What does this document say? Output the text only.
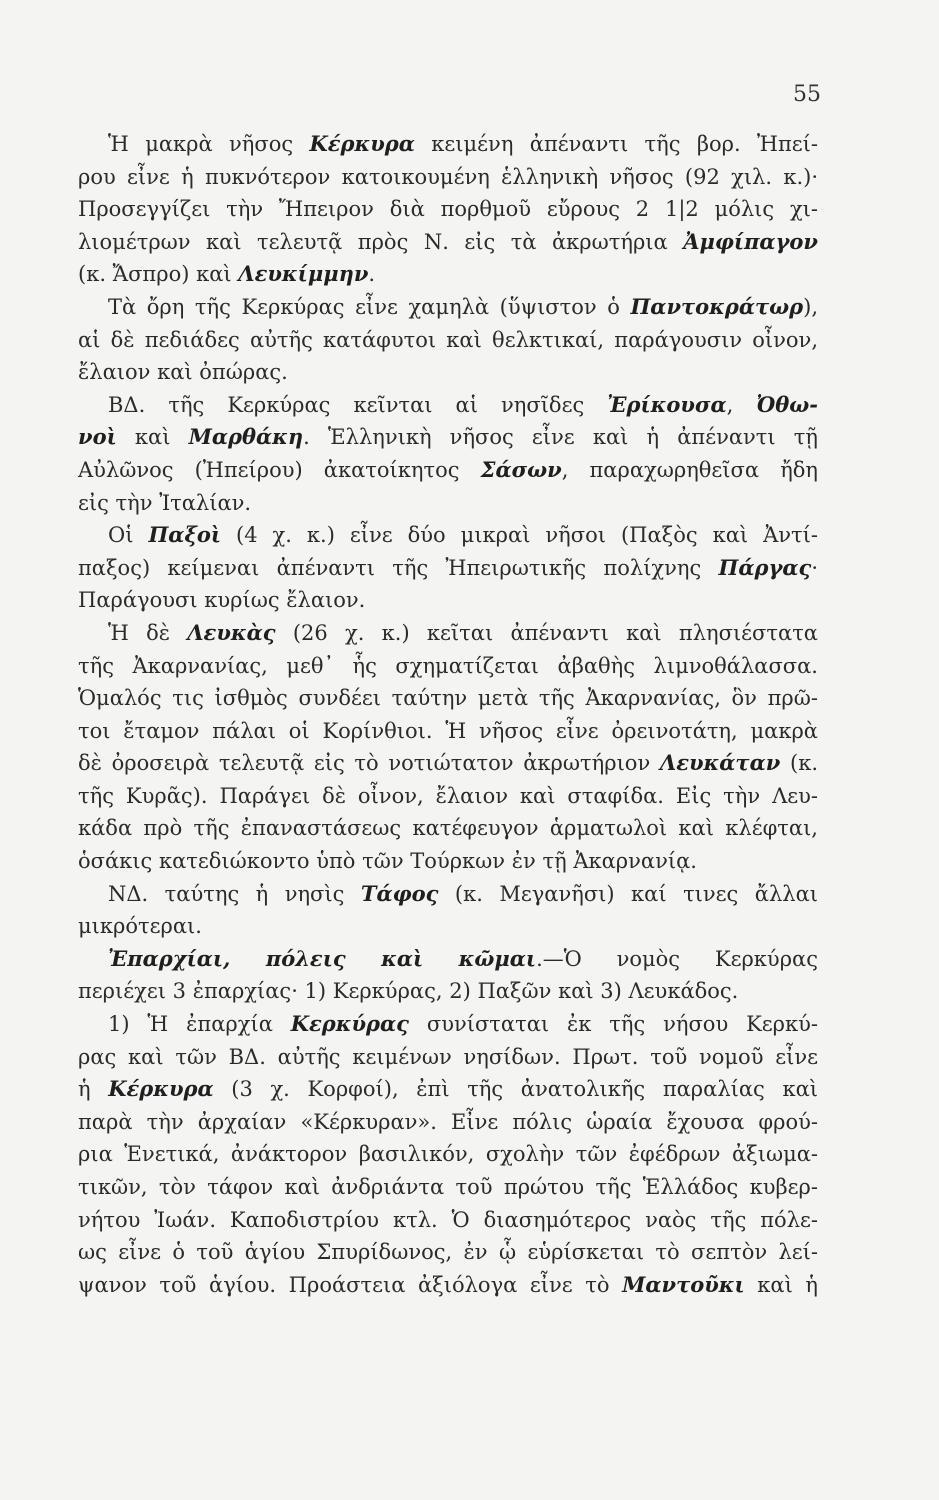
55
Ἡ μακρὰ νῆσος Κέρκυρα κειμένη ἀπέναντι τῆς βορ. Ἠπεί-
ρου εἶνε ἡ πυκνότερον κατοικουμένη ἑλληνικὴ νῆσος (92 χιλ. κ.)·
Προσεγγίζει τὴν Ἤπειρον διὰ πορθμοῦ εὔρους 2 1|2 μόλις χι-
λιομέτρων καὶ τελευτᾷ πρὸς Ν. εἰς τὰ ἀκρωτήρια Ἀμφίπαγον
(κ. Ἄσπρο) καὶ Λευκίμμην.
Τὰ ὄρη τῆς Κερκύρας εἶνε χαμηλὰ (ὕψιστον ὁ Παντοκράτωρ),
αἱ δὲ πεδιάδες αὐτῆς κατάφυτοι καὶ θελκτικαί, παράγουσιν οἶνον,
ἔλαιον καὶ ὀπώρας.
ΒΔ. τῆς Κερκύρας κεῖνται αἱ νησῖδες Ἐρίκουσα, Ὀθω-
νοὶ καὶ Μαρθάκη. Ἑλληνικὴ νῆσος εἶνε καὶ ἡ ἀπέναντι τῇ
Αὐλῶνος (Ἠπείρου) ἀκατοίκητος Σάσων, παραχωρηθεῖσα ἤδη
εἰς τὴν Ἰταλίαν.
Οἱ Παξοὶ (4 χ. κ.) εἶνε δύο μικραὶ νῆσοι (Παξὸς καὶ Ἀντί-
παξος) κείμεναι ἀπέναντι τῆς Ἠπειρωτικῆς πολίχνης Πάργας·
Παράγουσι κυρίως ἔλαιον.
Ἡ δὲ Λευκὰς (26 χ. κ.) κεῖται ἀπέναντι καὶ πλησιέστατα
τῆς Ἀκαρνανίας, μεθ᾽ ἧς σχηματίζεται ἀβαθὴς λιμνοθάλασσα.
Ὁμαλός τις ἰσθμὸς συνδέει ταύτην μετὰ τῆς Ἀκαρνανίας, ὃν πρῶ-
τοι ἔταμον πάλαι οἱ Κορίνθιοι. Ἡ νῆσος εἶνε ὀρεινοτάτη, μακρὰ
δὲ ὀροσειρὰ τελευτᾷ εἰς τὸ νοτιώτατον ἀκρωτήριον Λευκάταν (κ.
τῆς Κυρᾶς). Παράγει δὲ οἶνον, ἔλαιον καὶ σταφίδα. Εἰς τὴν Λευ-
κάδα πρὸ τῆς ἐπαναστάσεως κατέφευγον ἁρματωλοὶ καὶ κλέφται,
ὁσάκις κατεδιώκοντο ὑπὸ τῶν Τούρκων ἐν τῇ Ἀκαρνανίᾳ.
ΝΔ. ταύτης ἡ νησὶς Τάφος (κ. Μεγανῆσι) καί τινες ἄλλαι
μικρότεραι.
Ἐπαρχίαι, πόλεις καὶ κῶμαι.—Ὁ νομὸς Κερκύρας
περιέχει 3 ἐπαρχίας· 1) Κερκύρας, 2) Παξῶν καὶ 3) Λευκάδος.
1) Ἡ ἐπαρχία Κερκύρας συνίσταται ἐκ τῆς νήσου Κερκύ-
ρας καὶ τῶν ΒΔ. αὐτῆς κειμένων νησίδων. Πρωτ. τοῦ νομοῦ εἶνε
ἡ Κέρκυρα (3 χ. Κορφοί), ἐπὶ τῆς ἀνατολικῆς παραλίας καὶ
παρὰ τὴν ἀρχαίαν «Κέρκυραν». Εἶνε πόλις ὡραία ἔχουσα φρού-
ρια Ἑνετικά, ἀνάκτορον βασιλικόν, σχολὴν τῶν ἐφέδρων ἀξιωμα-
τικῶν, τὸν τάφον καὶ ἀνδριάντα τοῦ πρώτου τῆς Ἑλλάδος κυβερ-
νήτου Ἰωάν. Καποδιστρίου κτλ. Ὁ διασημότερος ναὸς τῆς πόλε-
ως εἶνε ὁ τοῦ ἁγίου Σπυρίδωνος, ἐν ᾧ εὑρίσκεται τὸ σεπτὸν λεί-
ψανον τοῦ ἁγίου. Προάστεια ἀξιόλογα εἶνε τὸ Μαντοῦκι καὶ ἡ
